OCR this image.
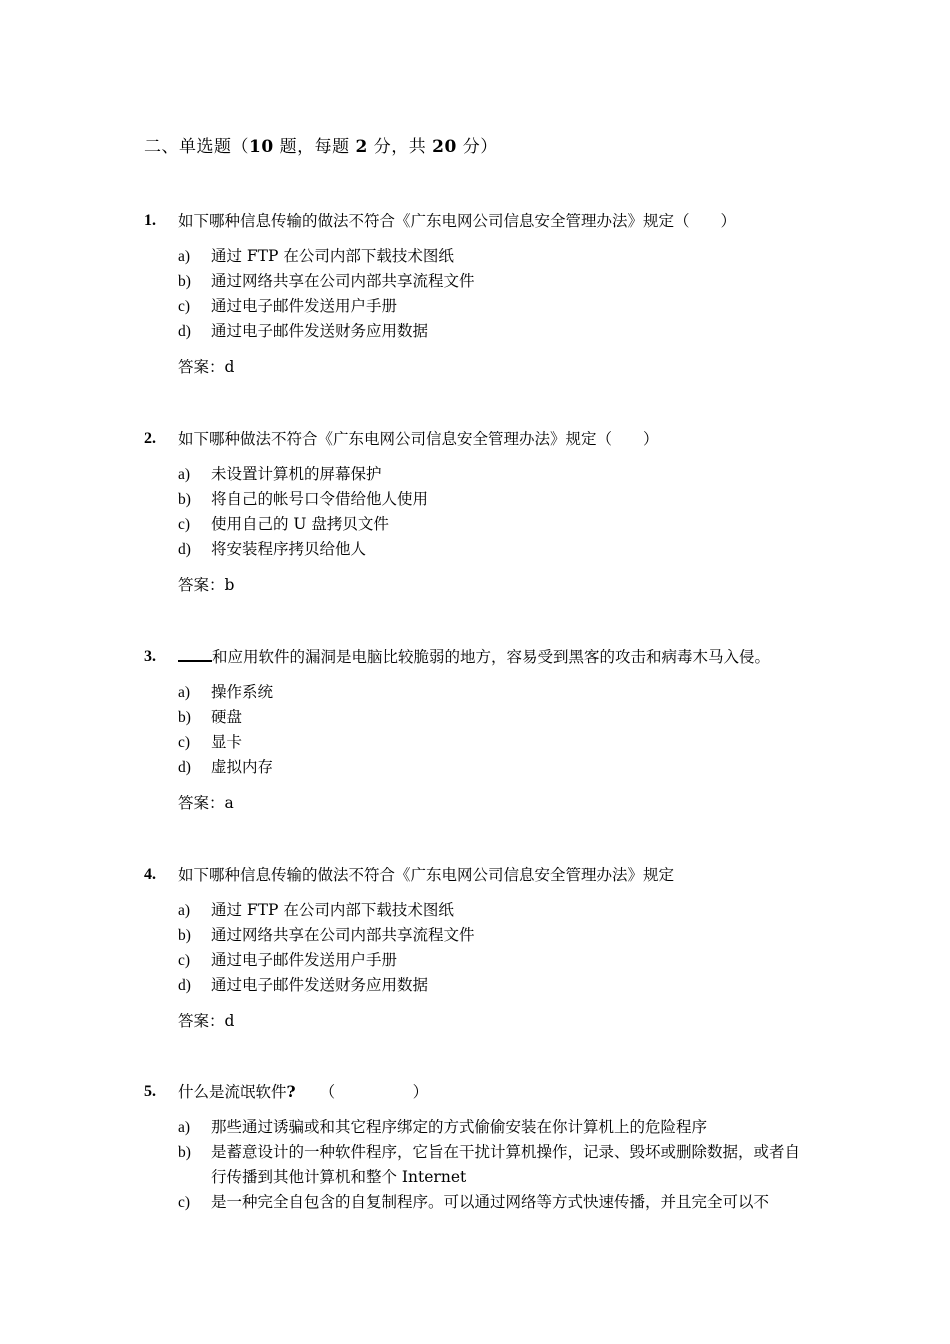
二、单选题（10 题，每题 2 分，共 20 分）
1. 如下哪种信息传输的做法不符合《广东电网公司信息安全管理办法》规定（　　）
a) 通过 FTP 在公司内部下载技术图纸
b) 通过网络共享在公司内部共享流程文件
c) 通过电子邮件发送用户手册
d) 通过电子邮件发送财务应用数据
答案：d
2. 如下哪种做法不符合《广东电网公司信息安全管理办法》规定（　　）
a) 未设置计算机的屏幕保护
b) 将自己的帐号口令借给他人使用
c) 使用自己的 U 盘拷贝文件
d) 将安装程序拷贝给他人
答案：b
3.	和应用软件的漏洞是电脑比较脆弱的地方，容易受到黑客的攻击和病毒木马入侵。
a) 操作系统
b) 硬盘
c) 显卡
d) 虚拟内存
答案：a
4. 如下哪种信息传输的做法不符合《广东电网公司信息安全管理办法》规定
a) 通过 FTP 在公司内部下载技术图纸
b) 通过网络共享在公司内部共享流程文件
c) 通过电子邮件发送用户手册
d) 通过电子邮件发送财务应用数据
答案：d
5. 什么是流氓软件? （　　　　　）
a) 那些通过诱骗或和其它程序绑定的方式偷偷安装在你计算机上的危险程序
b) 是蓄意设计的一种软件程序，它旨在干扰计算机操作，记录、毁坏或删除数据，或者自行传播到其他计算机和整个 Internet
c) 是一种完全自包含的自复制程序。可以通过网络等方式快速传播，并且完全可以不
